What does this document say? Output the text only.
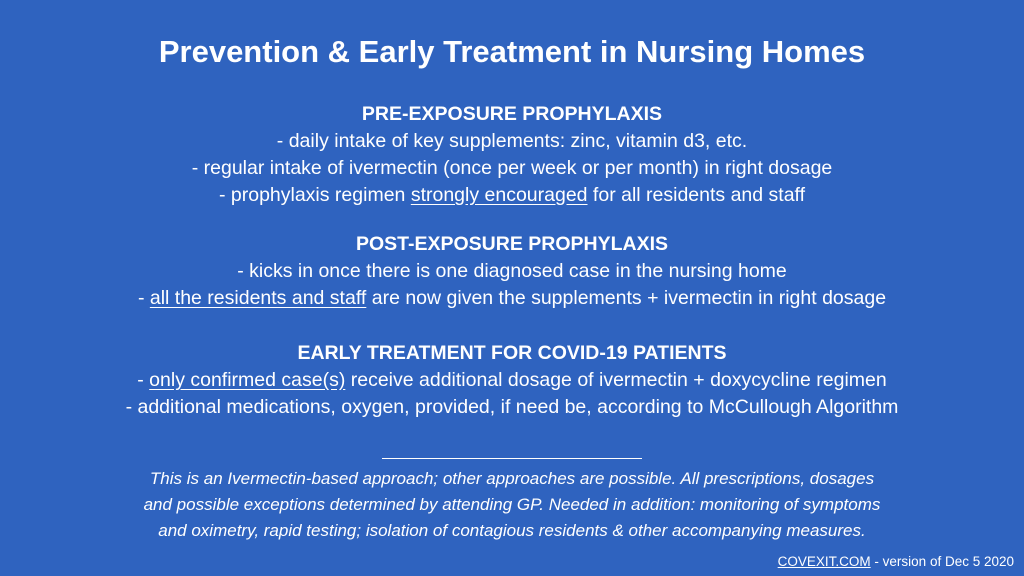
Prevention & Early Treatment in Nursing Homes
PRE-EXPOSURE PROPHYLAXIS
- daily intake of key supplements: zinc, vitamin d3, etc.
- regular intake of ivermectin (once per week or per month) in right dosage
- prophylaxis regimen strongly encouraged for all residents and staff
POST-EXPOSURE PROPHYLAXIS
- kicks in once there is one diagnosed case in the nursing home
- all the residents and staff are now given the supplements + ivermectin in right dosage
EARLY TREATMENT FOR COVID-19 PATIENTS
- only confirmed case(s) receive additional dosage of ivermectin + doxycycline regimen
- additional medications, oxygen, provided, if need be, according to McCullough Algorithm
This is an Ivermectin-based approach; other approaches are possible. All prescriptions, dosages
and possible exceptions determined by attending GP. Needed in addition: monitoring of symptoms
and oximetry, rapid testing; isolation of contagious residents & other accompanying measures.
COVEXIT.COM - version of Dec 5 2020
